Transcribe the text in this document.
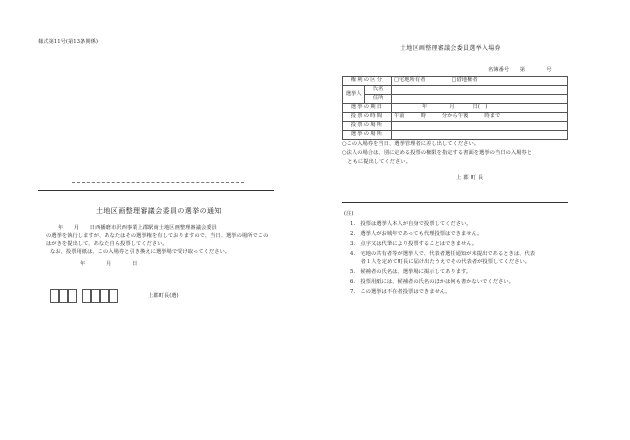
様式第11号(第13条関係)
土地区画整理審議会委員の選挙の通知
年　　月　　日西播磨市沢西事業上郡駅南土地区画整理審議会委員
の選挙を執行しますが、あなたはその選挙権を有しておりますので、当日、選挙の場所でこの
はがきを提出して、あなた自ら投票してください。
なお、投票用紙は、この入場券と引き換えに選挙場で受け取ってください。
年	月	日
上郡町長(選)
土地区画整理審議会委員選挙入場券
名簿番号　　第　　　　号
権利の区分		□宅地所有者 □借地権者
選挙人	氏名	
	住所	
選挙の期日		年 月 日(　)
投票の時間		午前 時 分から午後 時まで
投票の場所		
選挙の場所		
○この入場券を当日、選挙管理者に差し出してください。
○法人の場合は、別に定める投票の権限を指定する書面を選挙の当日の入場券と
　ともに提出してください。
上郡町長
(注)
1.　投票は選挙人本人が自身で投票してください。
2.　選挙人がお城年であっても代理投票はできません。
3.　点字又は代筆により投票することはできません。
4.　宅地の共有者等が選挙人で、代表者選任通知が未提出であるときは、代表
　　者１人を定めて町長に届け出たうえでその代表者が投票してください。
5.　候補者の氏名は、選挙場に掲示してあります。
6.　投票用紙には、候補者の氏名のほかは何も書かないでください。
7.　この選挙は不在者投票はできません。
